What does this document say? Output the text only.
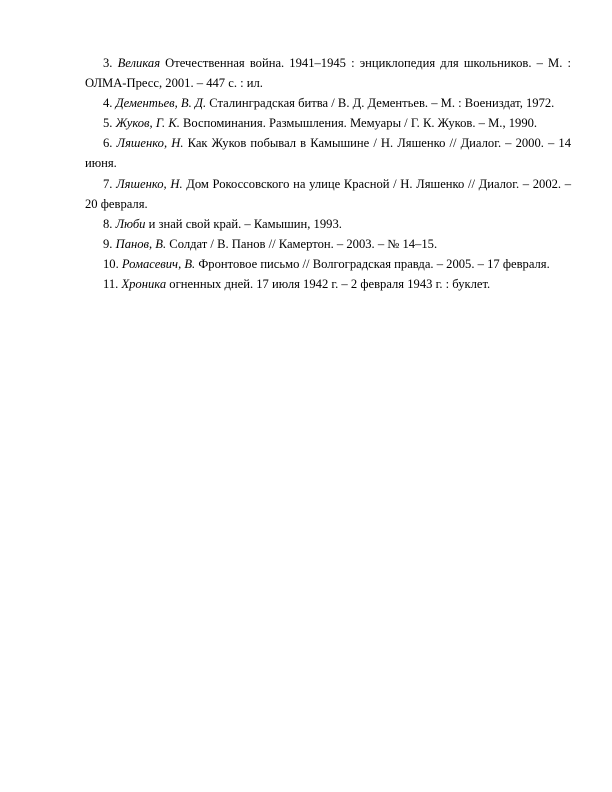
3. Великая Отечественная война. 1941–1945 : энциклопедия для школьников. – М. : ОЛМА-Пресс, 2001. – 447 с. : ил.

4. Дементьев, В. Д. Сталинградская битва / В. Д. Дементьев. – М. : Воениздат, 1972.

5. Жуков, Г. К. Воспоминания. Размышления. Мемуары / Г. К. Жуков. – М., 1990.

6. Ляшенко, Н. Как Жуков побывал в Камышине / Н. Ляшенко // Диалог. – 2000. – 14 июня.

7. Ляшенко, Н. Дом Рокоссовского на улице Красной / Н. Ляшенко // Диалог. – 2002. – 20 февраля.

8. Люби и знай свой край. – Камышин, 1993.

9. Панов, В. Солдат / В. Панов // Камертон. – 2003. – № 14–15.

10. Ромасевич, В. Фронтовое письмо // Волгоградская правда. – 2005. – 17 февраля.

11. Хроника огненных дней. 17 июля 1942 г. – 2 февраля 1943 г. : буклет.
